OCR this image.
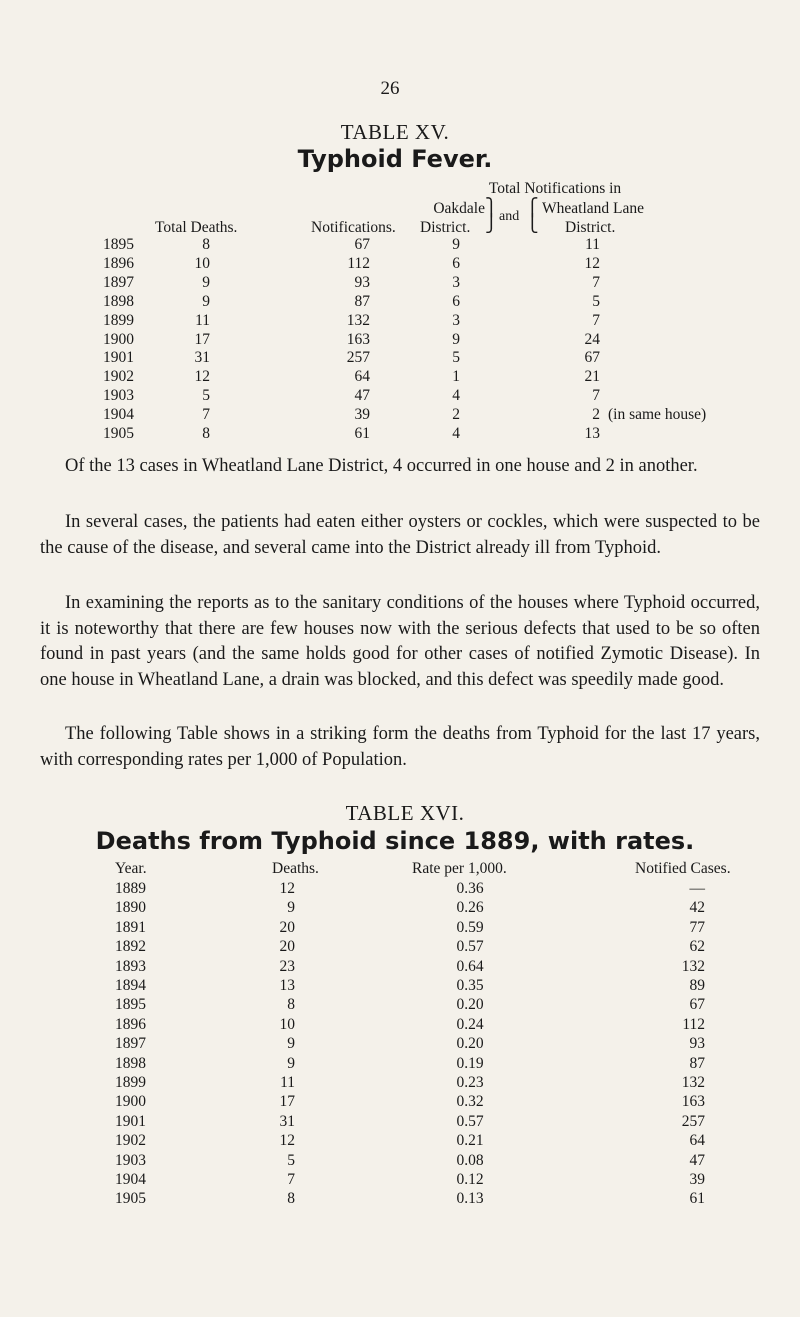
26
TABLE XV.
Typhoid Fever.
Total Notifications in
Oakdale ⎫ and ⎧ Wheatland Lane
Total Deaths.	Notifications. District. ⎭ ⎩ District.
1895	8	67	9	11
1896	10	112	6	12
1897	9	93	3	7
1898	9	87	6	5
1899	11	132	3	7
1900	17	163	9	24
1901	31	257	5	67
1902	12	64	1	21
1903	5	47	4	7
1904	7	39	2	2 (in same house)
1905	8	61	4	13
Of the 13 cases in Wheatland Lane District, 4 occurred in one house and 2 in another.
In several cases, the patients had eaten either oysters or cockles, which were suspected to be the cause of the disease, and several came into the District already ill from Typhoid.
In examining the reports as to the sanitary conditions of the houses where Typhoid occurred, it is noteworthy that there are few houses now with the serious defects that used to be so often found in past years (and the same holds good for other cases of notified Zymotic Disease). In one house in Wheatland Lane, a drain was blocked, and this defect was speedily made good.
The following Table shows in a striking form the deaths from Typhoid for the last 17 years, with corresponding rates per 1,000 of Population.
TABLE XVI.
Deaths from Typhoid since 1889, with rates.
Year.	Deaths.	Rate per 1,000.	Notified Cases.
1889	12	0.36	—
1890	9	0.26	42
1891	20	0.59	77
1892	20	0.57	62
1893	23	0.64	132
1894	13	0.35	89
1895	8	0.20	67
1896	10	0.24	112
1897	9	0.20	93
1898	9	0.19	87
1899	11	0.23	132
1900	17	0.32	163
1901	31	0.57	257
1902	12	0.21	64
1903	5	0.08	47
1904	7	0.12	39
1905	8	0.13	61
